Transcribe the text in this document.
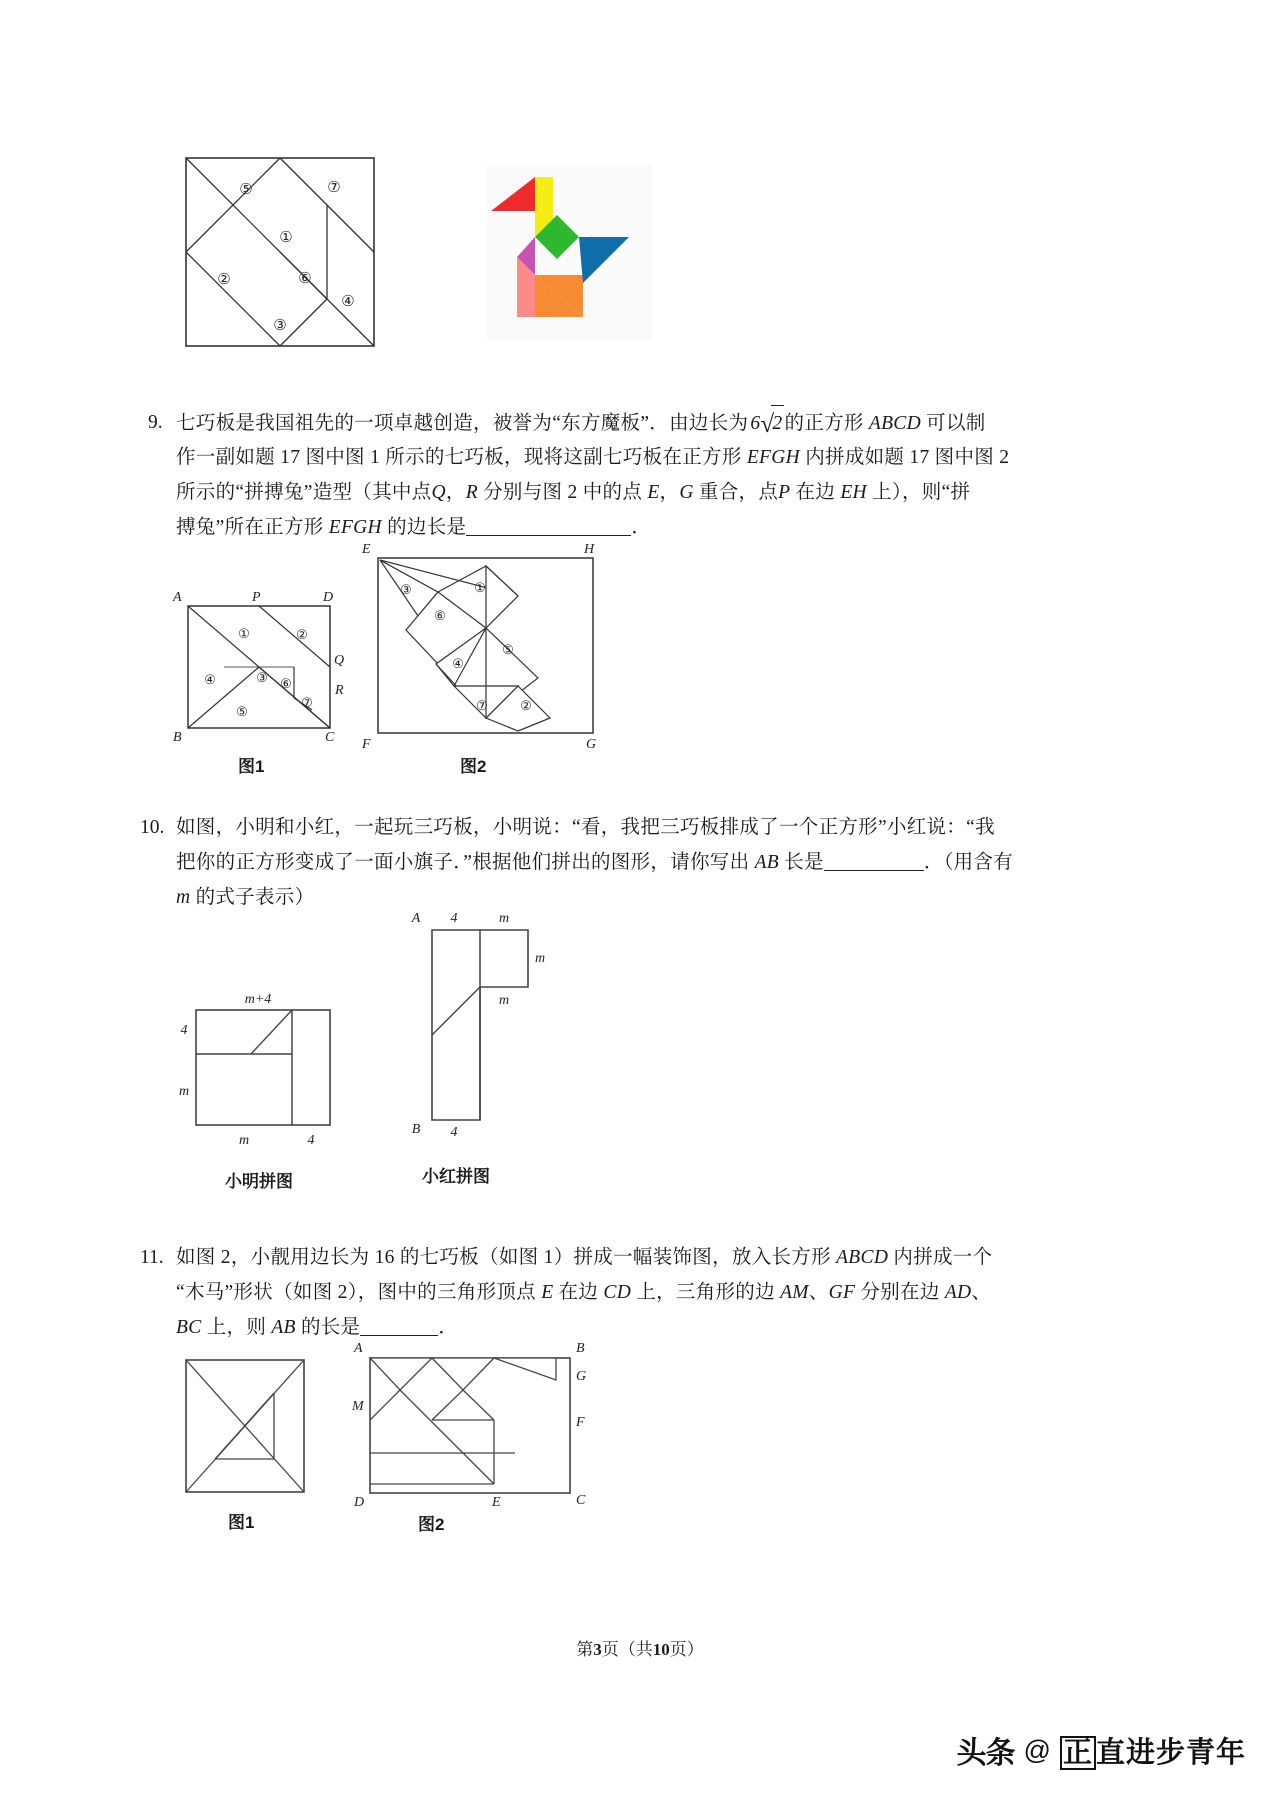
⑤
①
⑦
②	⑥
④
③
9. 七巧板是我国祖先的一项卓越创造，被誉为“东方魔板”．由边长为 6√2 的正方形 ABCD 可以制
作一副如题 17 图中图 1 所示的七巧板，现将这副七巧板在正方形 EFGH 内拼成如题 17 图中图 2
所示的“拼搏兔”造型（其中点Q，R 分别与图 2 中的点 E，G 重合，点P 在边 EH 上），则“拼
搏兔”所在正方形 EFGH 的边长是	．
A	P	D
Q
R
B	C
①	②
③
④
⑤
⑥
⑦
图1
①
②
③
④
⑤
⑥
⑦
E	H
F	G
图2
10. 如图，小明和小红，一起玩三巧板，小明说：“看，我把三巧板排成了一个正方形”小红说：“我
把你的正方形变成了一面小旗子．”根据他们拼出的图形，请你写出 AB 长是	．（用含有
m 的式子表示）
m+4
4
m
m	4
小明拼图
4	m
m
m
4
A
B
小红拼图
11. 如图 2，小靓用边长为 16 的七巧板（如图 1）拼成一幅装饰图，放入长方形 ABCD 内拼成一个
“木马”形状（如图 2），图中的三角形顶点 E 在边 CD 上，三角形的边 AM、GF 分别在边 AD、
BC 上，则 AB 的长是	．
图1
A	B
G
M
F
D	E	C
图2
第3页（共10页）
头条 @ 正 直进步青年
